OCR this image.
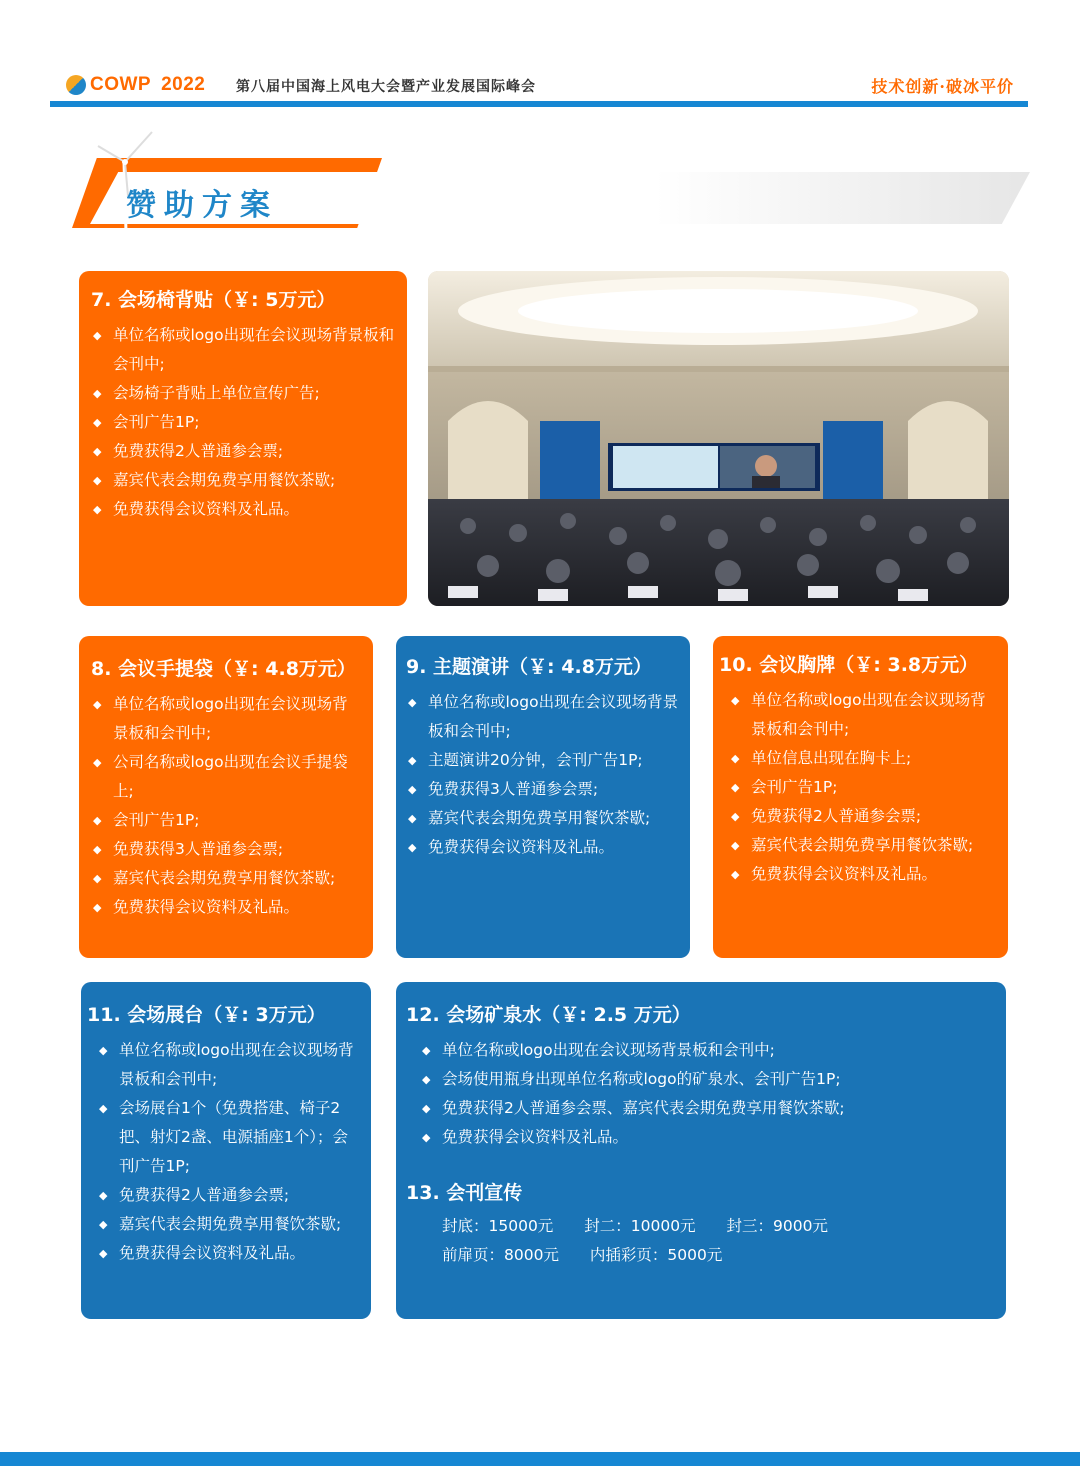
COWP 2022 第八届中国海上风电大会暨产业发展国际峰会	技术创新·破冰平价
赞助方案
7. 会场椅背贴（￥: 5万元）
◆ 单位名称或logo出现在会议现场背景板和会刊中;
◆ 会场椅子背贴上单位宣传广告;
◆ 会刊广告1P;
◆ 免费获得2人普通参会票;
◆ 嘉宾代表会期免费享用餐饮茶歇;
◆ 免费获得会议资料及礼品。
8. 会议手提袋（￥: 4.8万元）
◆ 单位名称或logo出现在会议现场背景板和会刊中;
◆ 公司名称或logo出现在会议手提袋上;
◆ 会刊广告1P;
◆ 免费获得3人普通参会票;
◆ 嘉宾代表会期免费享用餐饮茶歇;
◆ 免费获得会议资料及礼品。
9. 主题演讲（￥: 4.8万元）
◆ 单位名称或logo出现在会议现场背景板和会刊中;
◆ 主题演讲20分钟，会刊广告1P;
◆ 免费获得3人普通参会票;
◆ 嘉宾代表会期免费享用餐饮茶歇;
◆ 免费获得会议资料及礼品。
10. 会议胸牌（￥: 3.8万元）
◆ 单位名称或logo出现在会议现场背景板和会刊中;
◆ 单位信息出现在胸卡上;
◆ 会刊广告1P;
◆ 免费获得2人普通参会票;
◆ 嘉宾代表会期免费享用餐饮茶歇;
◆ 免费获得会议资料及礼品。
11. 会场展台（￥: 3万元）
◆ 单位名称或logo出现在会议现场背景板和会刊中;
◆ 会场展台1个（免费搭建、椅子2把、射灯2盏、电源插座1个）；会刊广告1P;
◆ 免费获得2人普通参会票;
◆ 嘉宾代表会期免费享用餐饮茶歇;
◆ 免费获得会议资料及礼品。
12. 会场矿泉水（￥: 2.5 万元）
◆ 单位名称或logo出现在会议现场背景板和会刊中;
◆ 会场使用瓶身出现单位名称或logo的矿泉水、会刊广告1P;
◆ 免费获得2人普通参会票、嘉宾代表会期免费享用餐饮茶歇;
◆ 免费获得会议资料及礼品。
13. 会刊宣传
封底：15000元 封二：10000元 封三：9000元
前扉页：8000元 内插彩页：5000元
